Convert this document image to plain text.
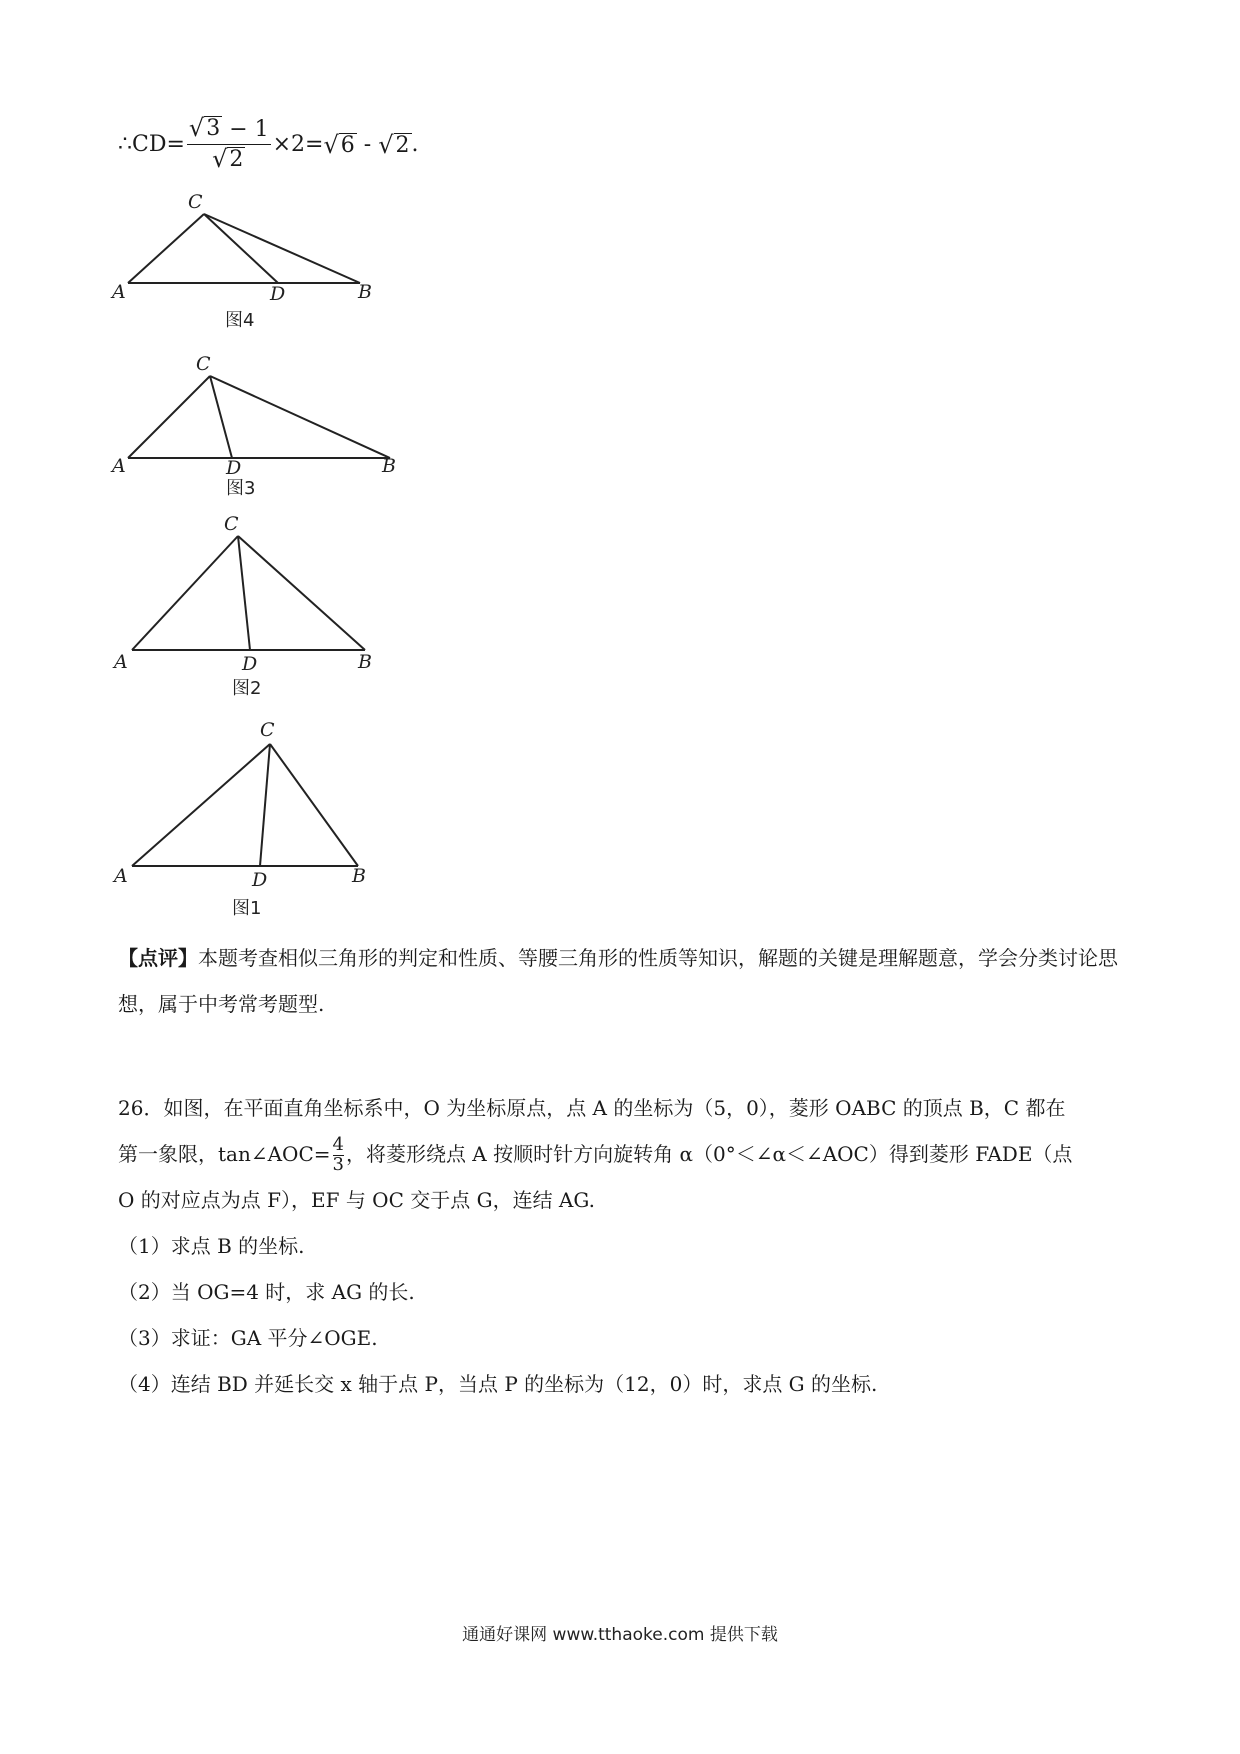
∴CD= $\frac{√ 3 - 1}{√ 2} \times 2=$ √ 6 - √ 2 .
C
A	D	B
图4
C
A	D	B
图3
C
A	D	B
图2
C
A	D	B
图1

【点评】本题考查相似三角形的判定和性质、等腰三角形的性质等知识，解题的关键是理解题意，学会分类讨论思想，属于中考常考题型.

26．如图，在平面直角坐标系中，O 为坐标原点，点 A 的坐标为（5，0），菱形 OABC 的顶点 B，C 都在

第一象限，tan∠AOC= $\frac{4}{3}$ ，将菱形绕点 A 按顺时针方向旋转角 α（0°＜∠α＜∠AOC）得到菱形 FADE（点

O 的对应点为点 F），EF 与 OC 交于点 G，连结 AG.

（1）求点 B 的坐标.

（2）当 OG=4 时，求 AG 的长.

（3）求证：GA 平分∠OGE.

（4）连结 BD 并延长交 x 轴于点 P，当点 P 的坐标为（12，0）时，求点 G 的坐标.

通通好课网 www.tthaoke.com 提供下载
